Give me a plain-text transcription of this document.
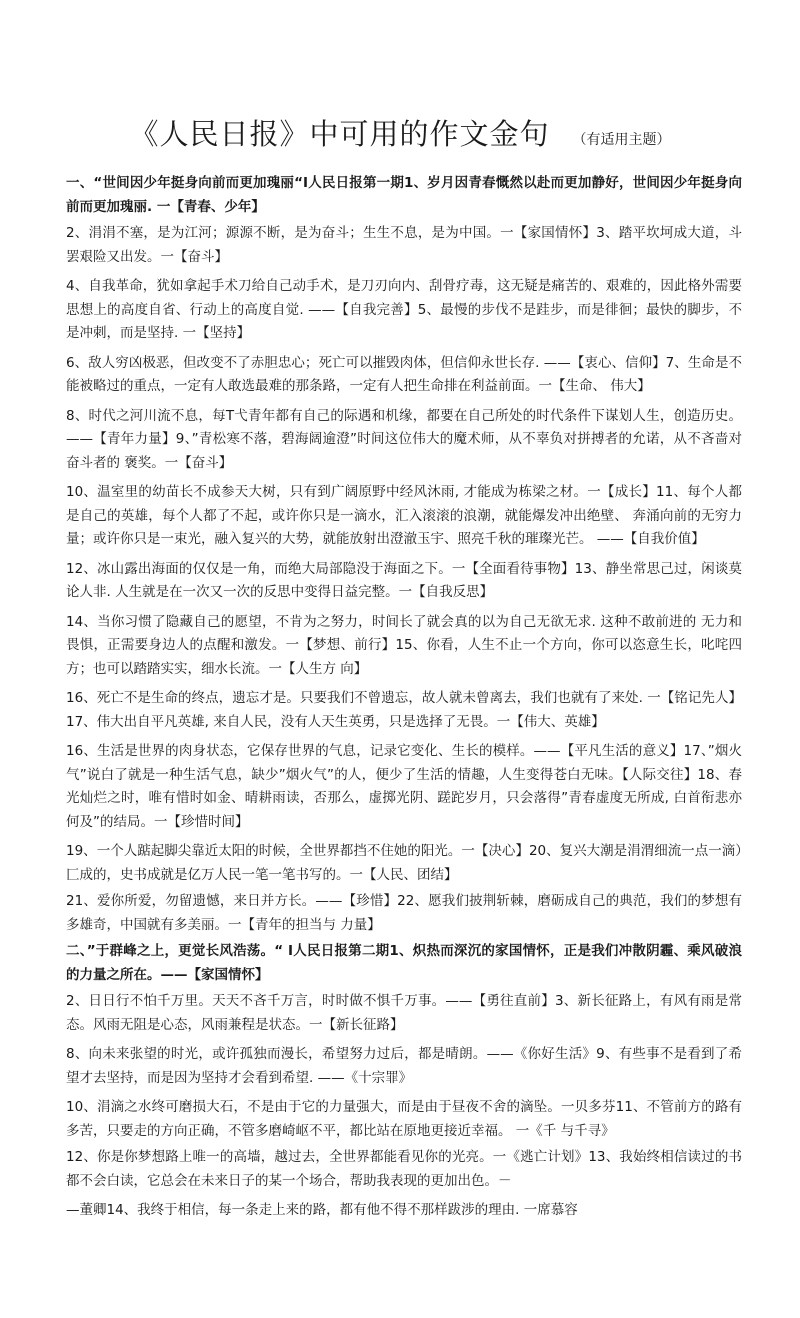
《人民日报》中可用的作文金句 （有适用主题）

一、“世间因少年挺身向前而更加瑰丽“I人民日报第一期1、岁月因青春慨然以赴而更加静好，世间因少年挺身向前而更加瑰丽. 一【青春、少年】

2、涓涓不塞，是为江河；源源不断，是为奋斗；生生不息，是为中国。一【家国情怀】3、踏平坎坷成大道，斗罢艰险又出发。一【奋斗】

4、自我革命，犹如拿起手术刀给自己动手术，是刀刃向内、刮骨疗毒，这无疑是痛苦的、艰难的，因此格外需要思想上的高度自省、行动上的高度自觉. ——【自我完善】5、最慢的步伐不是跬步，而是徘徊；最快的脚步，不是冲刺，而是坚持. 一【坚持】

6、敌人穷凶极恶，但改变不了赤胆忠心；死亡可以摧毁肉体，但信仰永世长存. ——【衷心、信仰】7、生命是不能被略过的重点，一定有人敢选最难的那条路，一定有人把生命排在利益前面。一【生命、 伟大】

8、时代之河川流不息，每T弋青年都有自己的际遇和机缘，都要在自己所处的时代条件下谋划人生，创造历史。——【青年力量】9、”青松寒不落，碧海阔逾澄”时间这位伟大的魔术师，从不辜负对拼搏者的允诺，从不吝啬对奋斗者的 褒奖。一【奋斗】

10、温室里的幼苗长不成参天大树，只有到广阔原野中经风沐雨, 才能成为栋梁之材。一【成长】11、每个人都是自己的英雄，每个人都了不起，或许你只是一滴水，汇入滚滚的浪潮，就能爆发冲出绝壁、 奔涌向前的无穷力量；或许你只是一束光，融入复兴的大势，就能放射出澄澈玉宇、照亮千秋的璀璨光芒。 ——【自我价值】

12、冰山露出海面的仅仅是一角，而绝大局部隐没于海面之下。一【全面看待事物】13、静坐常思己过，闲谈莫论人非. 人生就是在一次又一次的反思中变得日益完整。一【自我反思】

14、当你习惯了隐藏自己的愿望，不肯为之努力，时间长了就会真的以为自己无欲无求. 这种不敢前进的 无力和畏惧，正需要身边人的点醒和激发。一【梦想、前行】15、你看，人生不止一个方向，你可以恣意生长，叱咤四方；也可以踏踏实实，细水长流。一【人生方 向】

16、死亡不是生命的终点，遗忘才是。只要我们不曾遗忘，故人就未曾离去，我们也就有了来处. 一【铭记先人】17、伟大出自平凡英雄, 来自人民，没有人天生英勇，只是选择了无畏。一【伟大、英雄】

16、生活是世界的肉身状态，它保存世界的气息，记录它变化、生长的模样。——【平凡生活的意义】17、”烟火气”说白了就是一种生活气息，缺少”烟火气”的人，便少了生活的情趣，人生变得苍白无味。【人际交往】18、春光灿烂之时，唯有惜时如金、晴耕雨读，否那么，虚掷光阴、蹉跎岁月，只会落得”青春虚度无所成, 白首衔悲亦何及”的结局。一【珍惜时间】

19、一个人踮起脚尖靠近太阳的时候，全世界都挡不住她的阳光。一【决心】20、复兴大潮是涓渭细流一点一滴）匚成的，史书成就是亿万人民一笔一笔书写的。一【人民、团结】

21、爱你所爱，勿留遗憾，来日并方长。——【珍惜】22、愿我们披荆斩棘，磨砺成自己的典范，我们的梦想有多雄奇，中国就有多美丽。一【青年的担当与 力量】

二、”于群峰之上，更觉长风浩荡。“ I人民日报第二期1、炽热而深沉的家国情怀，正是我们冲散阴霾、乘风破浪的力量之所在。——【家国情怀】

2、日日行不怕千万里。天天不吝千万言，时时做不惧千万事。——【勇往直前】3、新长征路上，有风有雨是常态。风雨无阻是心态，风雨兼程是状态。一【新长征路】

8、向未来张望的时光，或许孤独而漫长，希望努力过后，都是晴朗。——《你好生活》9、有些事不是看到了希望才去坚持，而是因为坚持才会看到希望. ——《十宗罪》

10、涓滴之水终可磨损大石，不是由于它的力量强大，而是由于昼夜不舍的滴坠。一贝多芬11、不管前方的路有多苦，只要走的方向正确，不管多磨崎岖不平，都比站在原地更接近幸福。 一《千 与千寻》

12、你是你梦想路上唯一的高墙，越过去，全世界都能看见你的光亮。一《逃亡计划》13、我始终相信读过的书都不会白读，它总会在未来日子的某一个场合，帮助我表现的更加出色。－

—董卿14、我终于相信，每一条走上来的路，都有他不得不那样跋涉的理由. 一席慕容
